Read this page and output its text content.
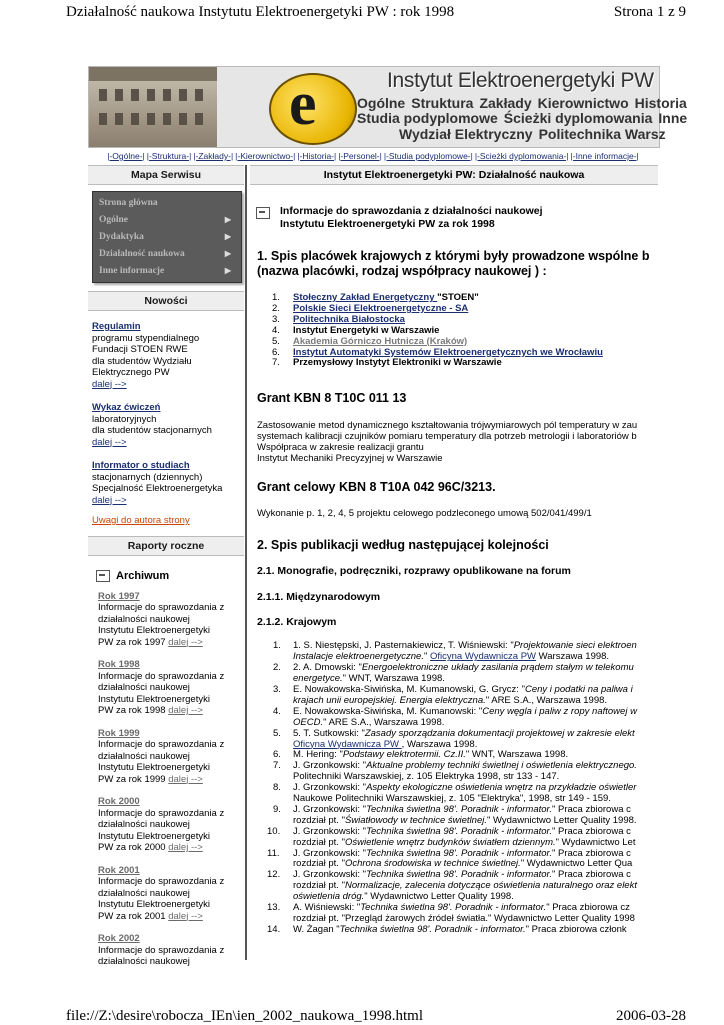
Działalność naukowa Instytutu Elektroenergetyki PW : rok 1998	Strona 1 z 9
e	Instytut Elektroenergetyki PW
Ogólne Struktura Zakłady Kierownictwo Historia
Studia podyplomowe Ścieżki dyplomowania Inne
Wydział Elektryczny Politechnika Warsz
|-Ogólne-| |-Struktura-| |-Zakłady-| |-Kierownictwo-| |-Historia-| |-Personel-| |-Studia podyplomowe-| |-Scieżki dyplomowania-| |-Inne informacje-|
Mapa Serwisu
Strona główna
Ogólne	▶
Dydaktyka	▶
Działalność naukowa	▶
Inne informacje	▶
Nowości
Regulamin
programu stypendialnego
Fundacji STOEN RWE
dla studentów Wydziału
Elektrycznego PW
dalej -->
Wykaz ćwiczeń
laboratoryjnych
dla studentów stacjonarnych
dalej -->
Informator o studiach
stacjonarnych (dziennych)
Specjalność Elektroenergetyka
dalej -->
Uwagi do autora strony
Raporty roczne
Archiwum
Rok 1997
Informacje do sprawozdania z
działalności naukowej
Instytutu Elektroenergetyki
PW za rok 1997 dalej -->
Rok 1998
Informacje do sprawozdania z
działalności naukowej
Instytutu Elektroenergetyki
PW za rok 1998 dalej -->
Rok 1999
Informacje do sprawozdania z
działalności naukowej
Instytutu Elektroenergetyki
PW za rok 1999 dalej -->
Rok 2000
Informacje do sprawozdania z
działalności naukowej
Instytutu Elektroenergetyki
PW za rok 2000 dalej -->
Rok 2001
Informacje do sprawozdania z
działalności naukowej
Instytutu Elektroenergetyki
PW za rok 2001 dalej -->
Rok 2002
Informacje do sprawozdania z
działalności naukowej
Instytut Elektroenergetyki PW: Działalność naukowa
Informacje do sprawozdania z działalności naukowej
Instytutu Elektroenergetyki PW za rok 1998
1. Spis placówek krajowych z którymi były prowadzone wspólne b
(nazwa placówki, rodzaj współpracy naukowej ) :
1. Stołeczny Zakład Energetyczny "STOEN"
2. Polskie Sieci Elektroenergetyczne - SA
3. Politechnika Białostocka
4. Instytut Energetyki w Warszawie
5. Akademia Górniczo Hutnicza (Kraków)
6. Instytut Automatyki Systemów Elektroenergetycznych we Wrocławiu
7. Przemysłowy Instytyt Elektroniki w Warszawie
Grant KBN 8 T10C 011 13
Zastosowanie metod dynamicznego kształtowania trójwymiarowych pól temperatury w zau
systemach kalibracji czujników pomiaru temperatury dla potrzeb metrologii i laboratoriów b
Współpraca w zakresie realizacji grantu
Instytut Mechaniki Precyzyjnej w Warszawie
Grant celowy KBN 8 T10A 042 96C/3213.
Wykonanie p. 1, 2, 4, 5 projektu celowego podzleconego umową 502/041/499/1
2. Spis publikacji według następującej kolejności
2.1. Monografie, podręczniki, rozprawy opublikowane na forum
2.1.1. Międzynarodowym
2.1.2. Krajowym
1. 1. S. Niestępski, J. Pasternakiewicz, T. Wiśniewski: "Projektowanie sieci elektroen
Instalacje elektroenergetyczne." Oficyna Wydawnicza PW Warszawa 1998.
2. 2. A. Dmowski: "Energoelektroniczne układy zasilania prądem stałym w telekomu
energetyce." WNT, Warszawa 1998.
3. E. Nowakowska-Siwińska, M. Kumanowski, G. Grycz: "Ceny i podatki na paliwa i
krajach unii europejskiej. Energia elektryczna." ARE S.A., Warszawa 1998.
4. E. Nowakowska-Siwińska, M. Kumanowski: "Ceny węgla i paliw z ropy naftowej w
OECD." ARE S.A., Warszawa 1998.
5. 5. T. Sutkowski: "Zasady sporządzania dokumentacji projektowej w zakresie elekt
Oficyna Wydawnicza PW , Warszawa 1998.
6. M. Hering: "Podstawy elektrotermii. Cz.II." WNT, Warszawa 1998.
7. J. Grzonkowski: "Aktualne problemy techniki świetlnej i oświetlenia elektrycznego.
Politechniki Warszawskiej, z. 105 Elektryka 1998, str 133 - 147.
8. J. Grzonkowski: "Aspekty ekologiczne oświetlenia wnętrz na przykładzie oświetler
Naukowe Politechniki Warszawskiej, z. 105 "Elektryka", 1998, str 149 - 159.
9. J. Grzonkowski: "Technika świetlna 98'. Poradnik - informator." Praca zbiorowa c
rozdział pt. "Światłowody w technice świetlnej." Wydawnictwo Letter Quality 1998.
10. J. Grzonkowski: "Technika świetlna 98'. Poradnik - informator." Praca zbiorowa c
rozdział pt. "Oświetlenie wnętrz budynków światłem dziennym." Wydawnictwo Let
11. J. Grzonkowski: "Technika świetlna 98'. Poradnik - informator." Praca zbiorowa c
rozdział pt. "Ochrona środowiska w technice świetlnej." Wydawnictwo Letter Qua
12. J. Grzonkowski: "Technika świetlna 98'. Poradnik - informator." Praca zbiorowa c
rozdział pt. "Normalizacje, zalecenia dotyczące oświetlenia naturalnego oraz elekt
oświetlenia dróg." Wydawnictwo Letter Quality 1998.
13. A. Wiśniewski: "Technika świetlna 98'. Poradnik - informator." Praca zbiorowa cz
rozdział pt. "Przegląd żarowych źródeł światła." Wydawnictwo Letter Quality 1998
14. W. Żagan "Technika świetlna 98'. Poradnik - informator." Praca zbiorowa członk
file://Z:\desire\robocza_IEn\ien_2002_naukowa_1998.html	2006-03-28
